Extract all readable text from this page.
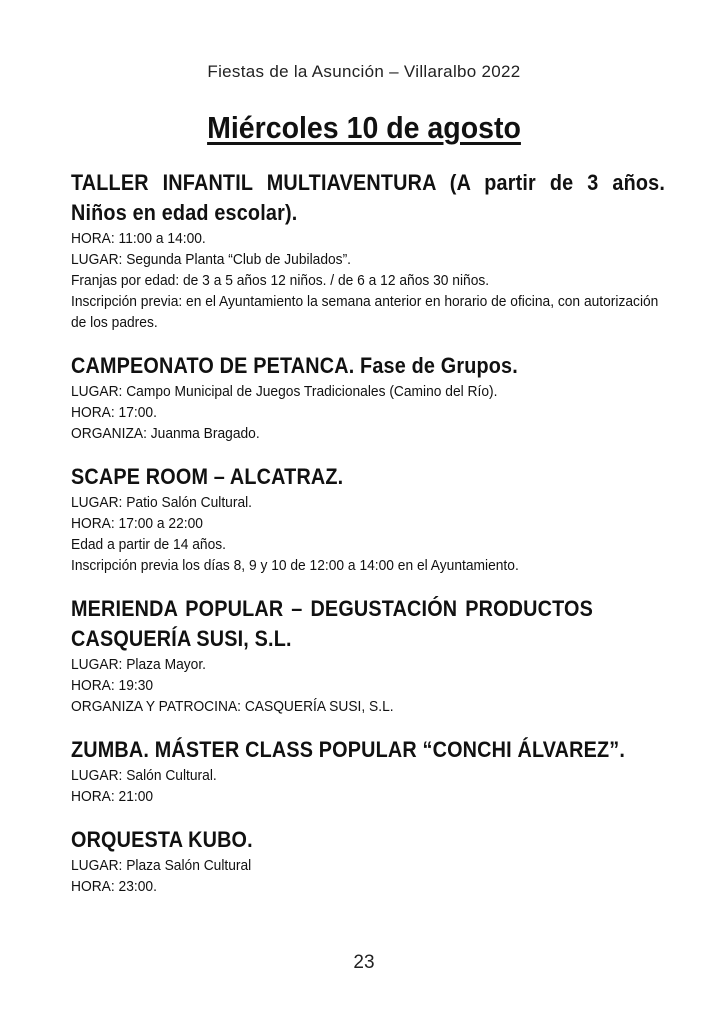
Fiestas de la Asunción – Villaralbo 2022
Miércoles 10 de agosto
TALLER INFANTIL MULTIAVENTURA (A partir de 3 años. Niños en edad escolar).
HORA: 11:00 a 14:00.
LUGAR: Segunda Planta “Club de Jubilados”.
Franjas por edad: de 3 a 5 años 12 niños. / de 6 a 12 años 30 niños.
Inscripción previa: en el Ayuntamiento la semana anterior en horario de oficina, con autorización de los padres.
CAMPEONATO DE PETANCA. Fase de Grupos.
LUGAR: Campo Municipal de Juegos Tradicionales (Camino del Río).
HORA: 17:00.
ORGANIZA: Juanma Bragado.
SCAPE ROOM – ALCATRAZ.
LUGAR: Patio Salón Cultural.
HORA: 17:00 a 22:00
Edad a partir de 14 años.
Inscripción previa los días 8, 9 y 10 de 12:00 a 14:00 en el Ayuntamiento.
MERIENDA POPULAR – DEGUSTACIÓN PRODUCTOS CASQUERÍA SUSI, S.L.
LUGAR: Plaza Mayor.
HORA: 19:30
ORGANIZA Y PATROCINA: CASQUERÍA SUSI, S.L.
ZUMBA. MÁSTER CLASS POPULAR “CONCHI ÁLVAREZ”.
LUGAR: Salón Cultural.
HORA: 21:00
ORQUESTA KUBO.
LUGAR: Plaza Salón Cultural
HORA: 23:00.
23
